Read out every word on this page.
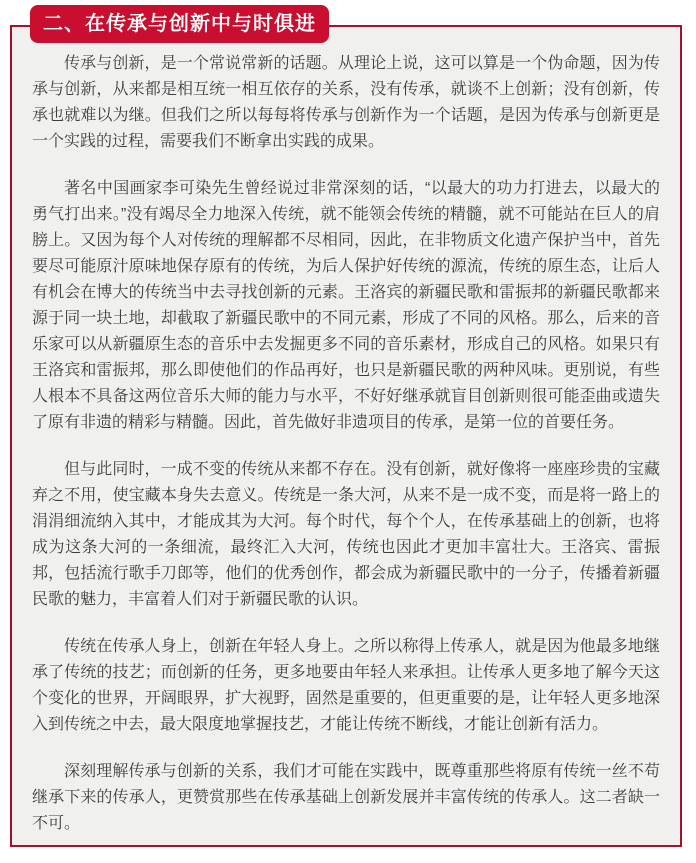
传承与创新，是一个常说常新的话题。从理论上说，这可以算是一个伪命题，因为传承与创新，从来都是相互统一相互依存的关系，没有传承，就谈不上创新；没有创新，传承也就难以为继。但我们之所以每每将传承与创新作为一个话题，是因为传承与创新更是一个实践的过程，需要我们不断拿出实践的成果。

著名中国画家李可染先生曾经说过非常深刻的话，“以最大的功力打进去，以最大的勇气打出来。”没有竭尽全力地深入传统，就不能领会传统的精髓，就不可能站在巨人的肩膀上。又因为每个人对传统的理解都不尽相同，因此，在非物质文化遗产保护当中，首先要尽可能原汁原味地保存原有的传统，为后人保护好传统的源流，传统的原生态，让后人有机会在博大的传统当中去寻找创新的元素。王洛宾的新疆民歌和雷振邦的新疆民歌都来源于同一块土地，却截取了新疆民歌中的不同元素，形成了不同的风格。那么，后来的音乐家可以从新疆原生态的音乐中去发掘更多不同的音乐素材，形成自己的风格。如果只有王洛宾和雷振邦，那么即使他们的作品再好，也只是新疆民歌的两种风味。更别说，有些人根本不具备这两位音乐大师的能力与水平，不好好继承就盲目创新则很可能歪曲或遗失了原有非遗的精彩与精髓。因此，首先做好非遗项目的传承，是第一位的首要任务。

但与此同时，一成不变的传统从来都不存在。没有创新，就好像将一座座珍贵的宝藏弃之不用，使宝藏本身失去意义。传统是一条大河，从来不是一成不变，而是将一路上的涓涓细流纳入其中，才能成其为大河。每个时代，每个个人，在传承基础上的创新，也将成为这条大河的一条细流，最终汇入大河，传统也因此才更加丰富壮大。王洛宾、雷振邦，包括流行歌手刀郎等，他们的优秀创作，都会成为新疆民歌中的一分子，传播着新疆民歌的魅力，丰富着人们对于新疆民歌的认识。

传统在传承人身上，创新在年轻人身上。之所以称得上传承人，就是因为他最多地继承了传统的技艺；而创新的任务，更多地要由年轻人来承担。让传承人更多地了解今天这个变化的世界，开阔眼界，扩大视野，固然是重要的，但更重要的是，让年轻人更多地深入到传统之中去，最大限度地掌握技艺，才能让传统不断线，才能让创新有活力。

深刻理解传承与创新的关系，我们才可能在实践中，既尊重那些将原有传统一丝不苟继承下来的传承人，更赞赏那些在传承基础上创新发展并丰富传统的传承人。这二者缺一不可。

二、在传承与创新中与时俱进
